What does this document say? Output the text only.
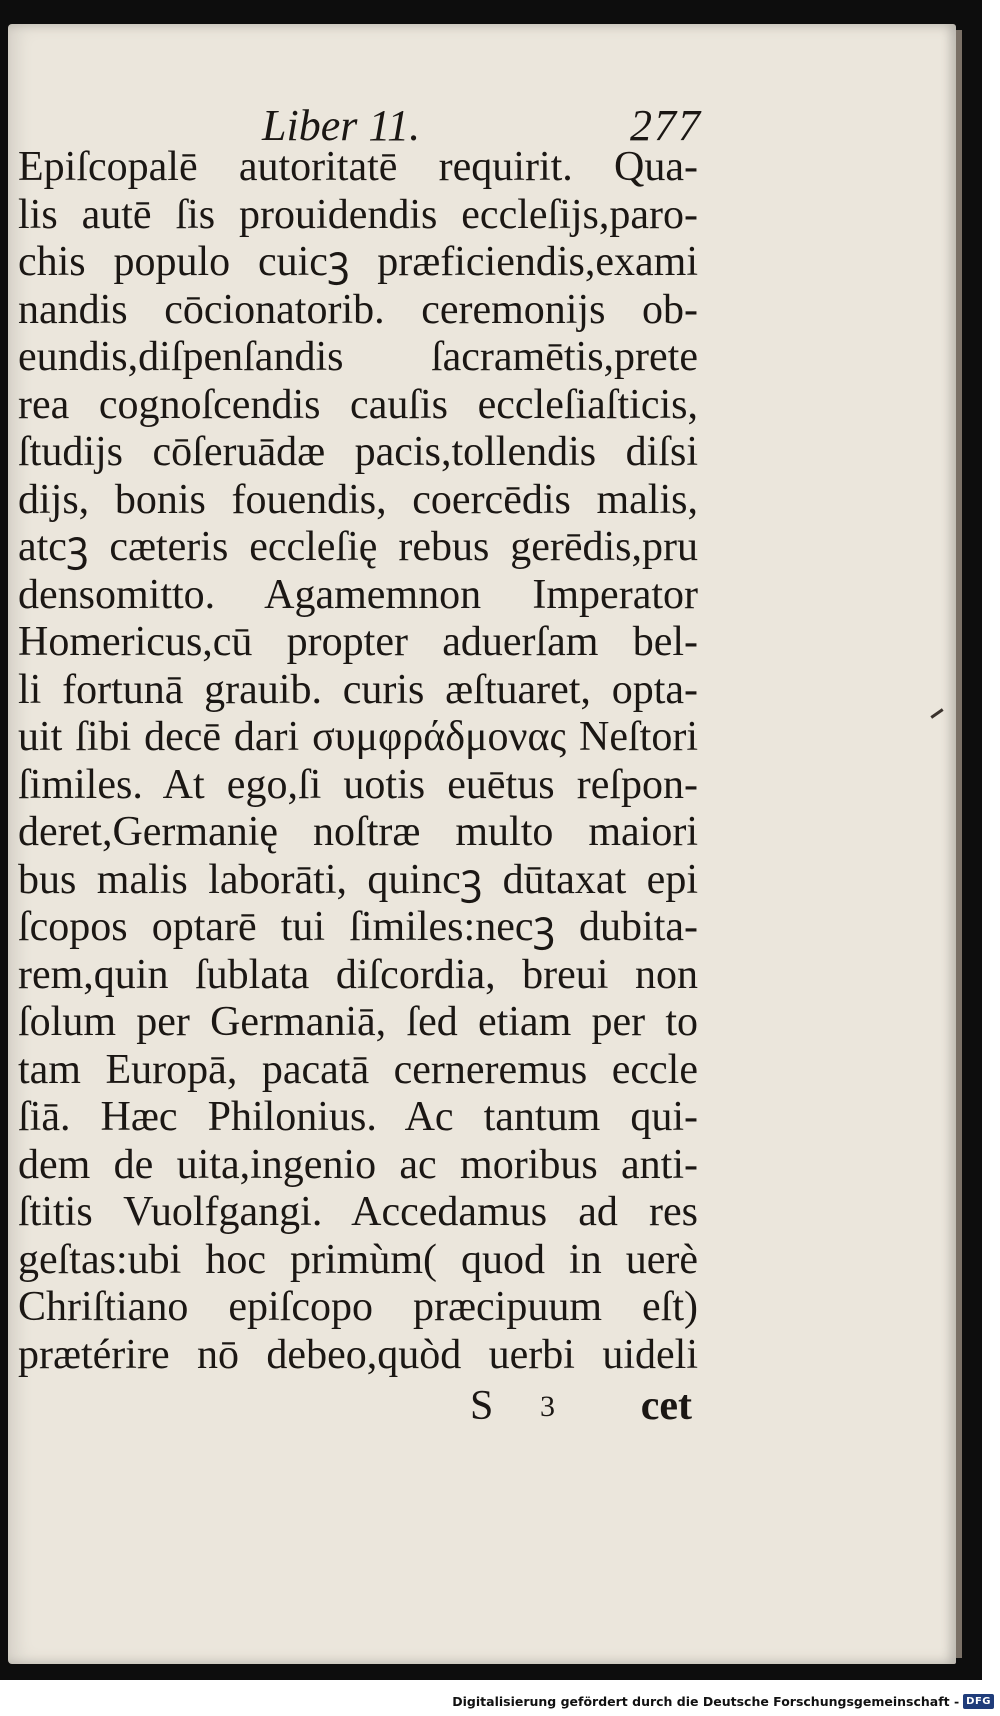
Liber 11.	277
Epiſcopalē autoritatē requirit. Qua-
lis autē ſis prouidendis eccleſijs,paro-
chis populo cuicꝫ præficiendis,exami
nandis cōcionatorib. ceremonijs ob-
eundis,diſpenſandis ſacramētis,prete
rea cognoſcendis cauſis eccleſiaſticis,
ſtudijs cōſeruādæ pacis,tollendis diſsi
dijs, bonis fouendis, coercēdis malis,
atcꝫ cæteris eccleſię rebus gerēdis,pru
densomitto. Agamemnon Imperator
Homericus,cū propter aduerſam bel-
li fortunā grauib. curis æſtuaret, opta-
uit ſibi decē dari συμφράδμονας Neſtori
ſimiles. At ego,ſi uotis euētus reſpon-
deret,Germanię noſtræ multo maiori
bus malis laborāti, quincꝫ dūtaxat epi
ſcopos optarē tui ſimiles:necꝫ dubita-
rem,quin ſublata diſcordia, breui non
ſolum per Germaniā, ſed etiam per to
tam Europā, pacatā cerneremus eccle
ſiā. Hæc Philonius. Ac tantum qui-
dem de uita,ingenio ac moribus anti-
ſtitis Vuolfgangi. Accedamus ad res
geſtas:ubi hoc primùm( quod in uerè
Chriſtiano epiſcopo præcipuum eſt)
prætérire nō debeo,quòd uerbi uideli
S 3 cet
Digitalisierung gefördert durch die Deutsche Forschungsgemeinschaft - DFG
